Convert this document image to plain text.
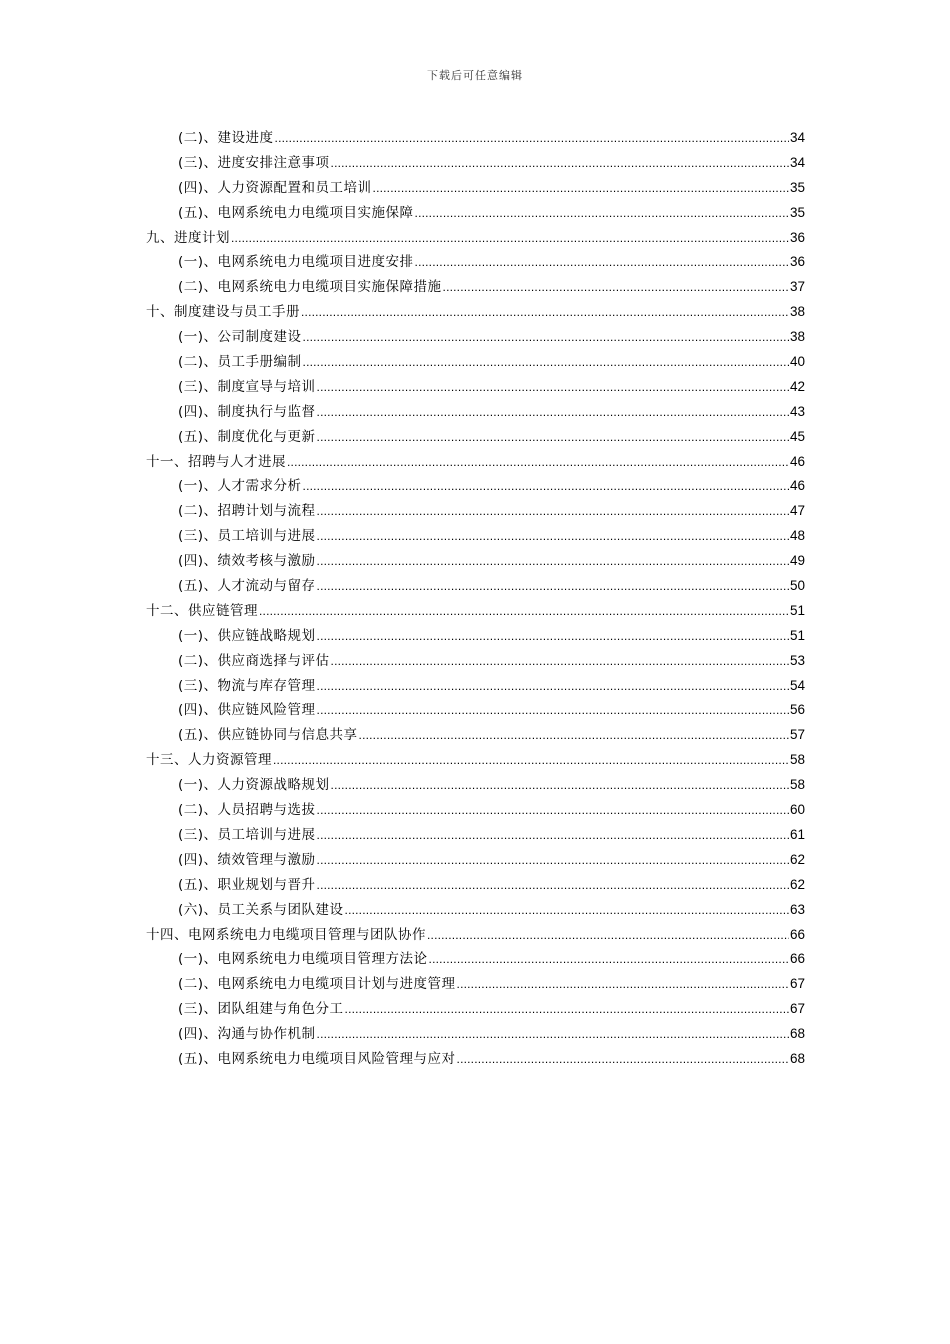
下载后可任意编辑
(二)、建设进度 .....	34
(三)、进度安排注意事项 .....	34
(四)、人力资源配置和员工培训 .....	35
(五)、电网系统电力电缆项目实施保障 .....	35
九、进度计划 .....	36
(一)、电网系统电力电缆项目进度安排 .....	36
(二)、电网系统电力电缆项目实施保障措施 .....	37
十、制度建设与员工手册 .....	38
(一)、公司制度建设 .....	38
(二)、员工手册编制 .....	40
(三)、制度宣导与培训 .....	42
(四)、制度执行与监督 .....	43
(五)、制度优化与更新 .....	45
十一、招聘与人才进展 .....	46
(一)、人才需求分析 .....	46
(二)、招聘计划与流程 .....	47
(三)、员工培训与进展 .....	48
(四)、绩效考核与激励 .....	49
(五)、人才流动与留存 .....	50
十二、供应链管理 .....	51
(一)、供应链战略规划 .....	51
(二)、供应商选择与评估 .....	53
(三)、物流与库存管理 .....	54
(四)、供应链风险管理 .....	56
(五)、供应链协同与信息共享 .....	57
十三、人力资源管理 .....	58
(一)、人力资源战略规划 .....	58
(二)、人员招聘与选拔 .....	60
(三)、员工培训与进展 .....	61
(四)、绩效管理与激励 .....	62
(五)、职业规划与晋升 .....	62
(六)、员工关系与团队建设 .....	63
十四、电网系统电力电缆项目管理与团队协作 .....	66
(一)、电网系统电力电缆项目管理方法论 .....	66
(二)、电网系统电力电缆项目计划与进度管理 .....	67
(三)、团队组建与角色分工 .....	67
(四)、沟通与协作机制 .....	68
(五)、电网系统电力电缆项目风险管理与应对 .....	68
